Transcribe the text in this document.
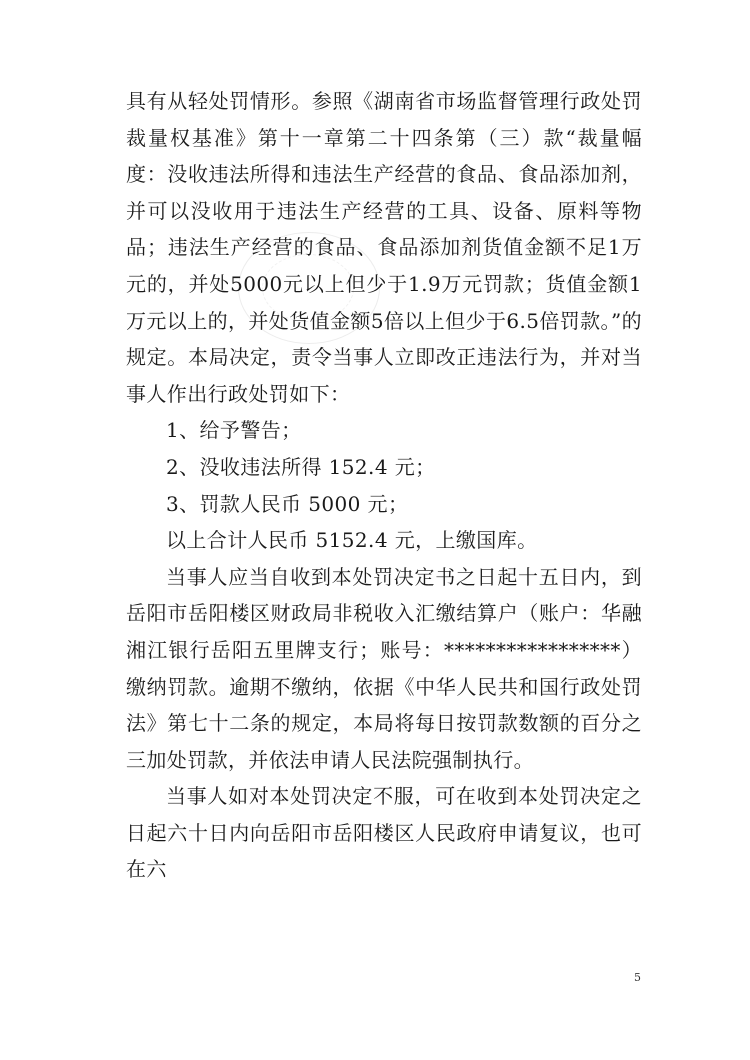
具有从轻处罚情形。参照《湖南省市场监督管理行政处罚裁量权基准》第十一章第二十四条第（三）款“裁量幅度：没收违法所得和违法生产经营的食品、食品添加剂，并可以没收用于违法生产经营的工具、设备、原料等物品；违法生产经营的食品、食品添加剂货值金额不足1万元的，并处5000元以上但少于1.9万元罚款；货值金额1万元以上的，并处货值金额5倍以上但少于6.5倍罚款。”的规定。本局决定，责令当事人立即改正违法行为，并对当事人作出行政处罚如下：

1、给予警告；

2、没收违法所得 152.4 元；

3、罚款人民币 5000 元；

以上合计人民币 5152.4 元，上缴国库。

当事人应当自收到本处罚决定书之日起十五日内，到岳阳市岳阳楼区财政局非税收入汇缴结算户（账户：华融湘江银行岳阳五里牌支行；账号：*****************）缴纳罚款。逾期不缴纳，依据《中华人民共和国行政处罚法》第七十二条的规定，本局将每日按罚款数额的百分之三加处罚款，并依法申请人民法院强制执行。

当事人如对本处罚决定不服，可在收到本处罚决定之日起六十日内向岳阳市岳阳楼区人民政府申请复议，也可在六

5
